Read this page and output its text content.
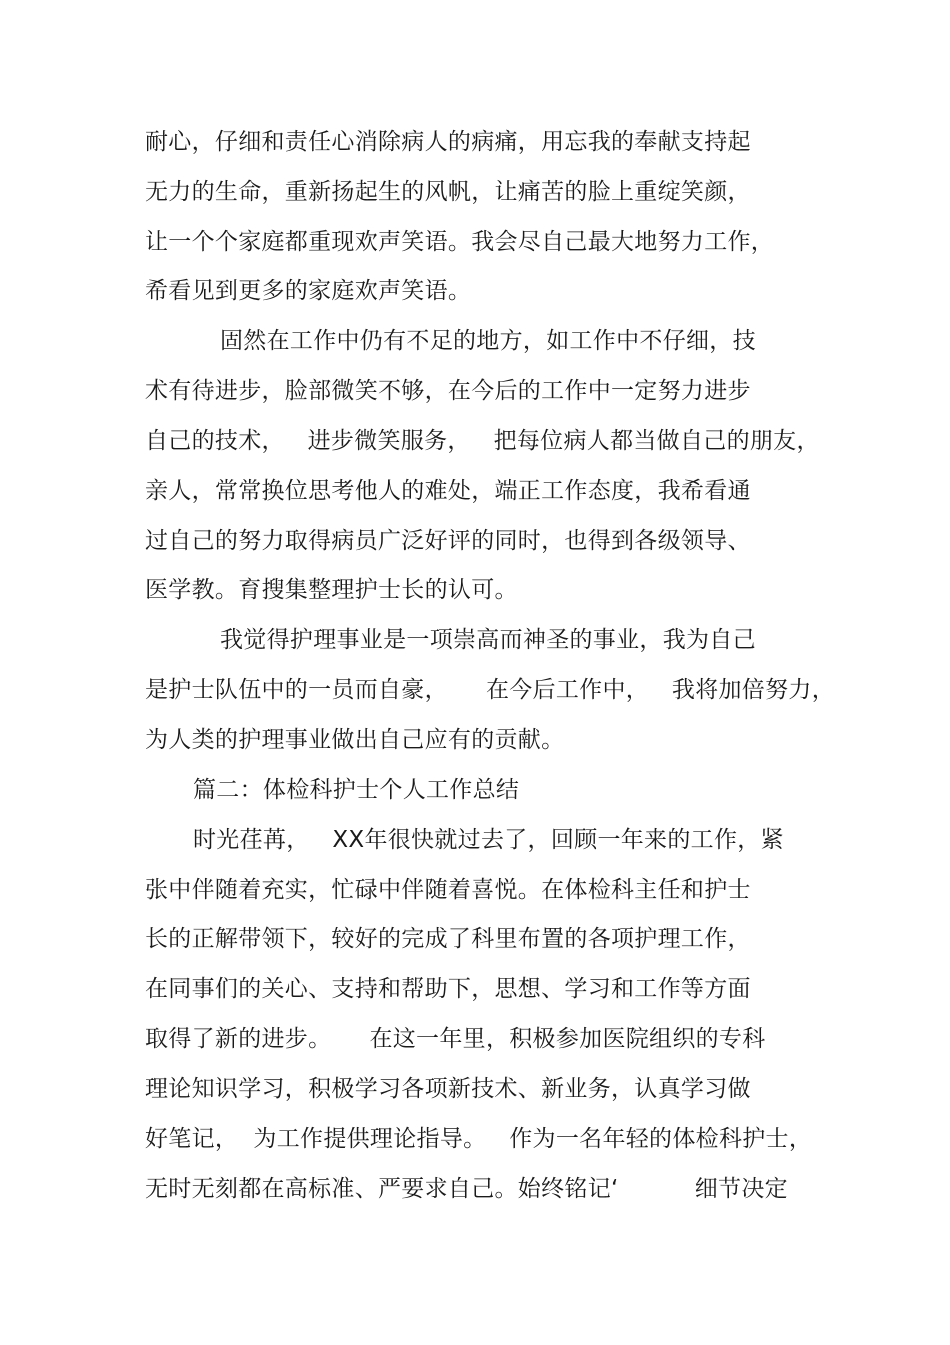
耐心，仔细和责任心消除病人的病痛，用忘我的奉献支持起
无力的生命，重新扬起生的风帆，让痛苦的脸上重绽笑颜，
让一个个家庭都重现欢声笑语。我会尽自己最大地努力工作，
希看见到更多的家庭欢声笑语。
固然在工作中仍有不足的地方，如工作中不仔细，技
术有待进步，脸部微笑不够，在今后的工作中一定努力进步
自己的技术，   进步微笑服务，   把每位病人都当做自己的朋友，
亲人，常常换位思考他人的难处，端正工作态度，我希看通
过自己的努力取得病员广泛好评的同时，也得到各级领导、
医学教。育搜集整理护士长的认可。
我觉得护理事业是一项崇高而神圣的事业，我为自己
是护士队伍中的一员而自豪，     在今后工作中，   我将加倍努力，
为人类的护理事业做出自己应有的贡献。
篇二：体检科护士个人工作总结
时光荏苒，   XX年很快就过去了，回顾一年来的工作，紧
张中伴随着充实，忙碌中伴随着喜悦。在体检科主任和护士
长的正解带领下，较好的完成了科里布置的各项护理工作，
在同事们的关心、支持和帮助下，思想、学习和工作等方面
取得了新的进步。     在这一年里，积极参加医院组织的专科
理论知识学习，积极学习各项新技术、新业务，认真学习做
好笔记，  为工作提供理论指导。   作为一名年轻的体检科护士，
无时无刻都在高标准、严要求自己。始终铭记‘          细节决定
